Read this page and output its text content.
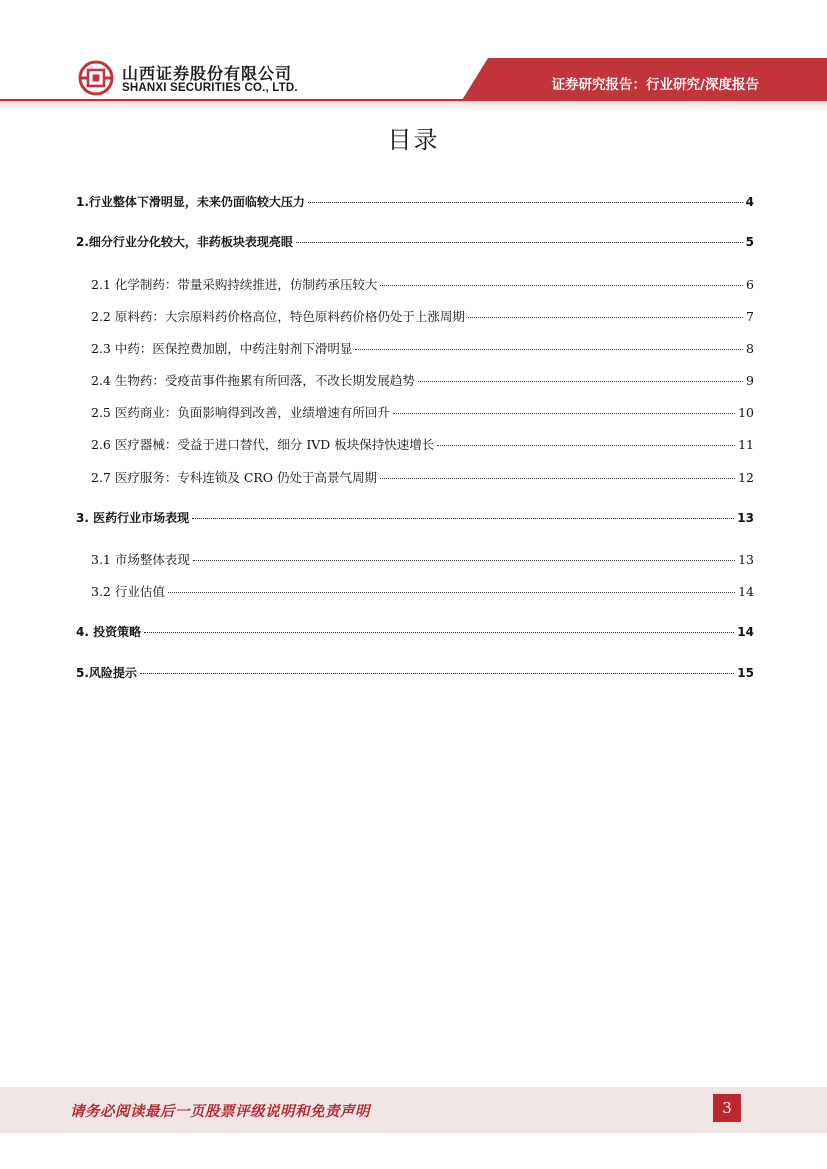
山西证券股份有限公司
SHANXI SECURITIES CO., LTD.	证券研究报告：行业研究/深度报告
目录
1.行业整体下滑明显，未来仍面临较大压力	4
2.细分行业分化较大，非药板块表现亮眼	5
2.1 化学制药：带量采购持续推进，仿制药承压较大	6
2.2 原料药：大宗原料药价格高位，特色原料药价格仍处于上涨周期	7
2.3 中药：医保控费加剧，中药注射剂下滑明显	8
2.4 生物药：受疫苗事件拖累有所回落，不改长期发展趋势	9
2.5 医药商业：负面影响得到改善，业绩增速有所回升	10
2.6 医疗器械：受益于进口替代，细分 IVD 板块保持快速增长	11
2.7 医疗服务：专科连锁及 CRO 仍处于高景气周期	12
3. 医药行业市场表现	13
3.1 市场整体表现	13
3.2 行业估值	14
4. 投资策略	14
5.风险提示	15
请务必阅读最后一页股票评级说明和免责声明	3
